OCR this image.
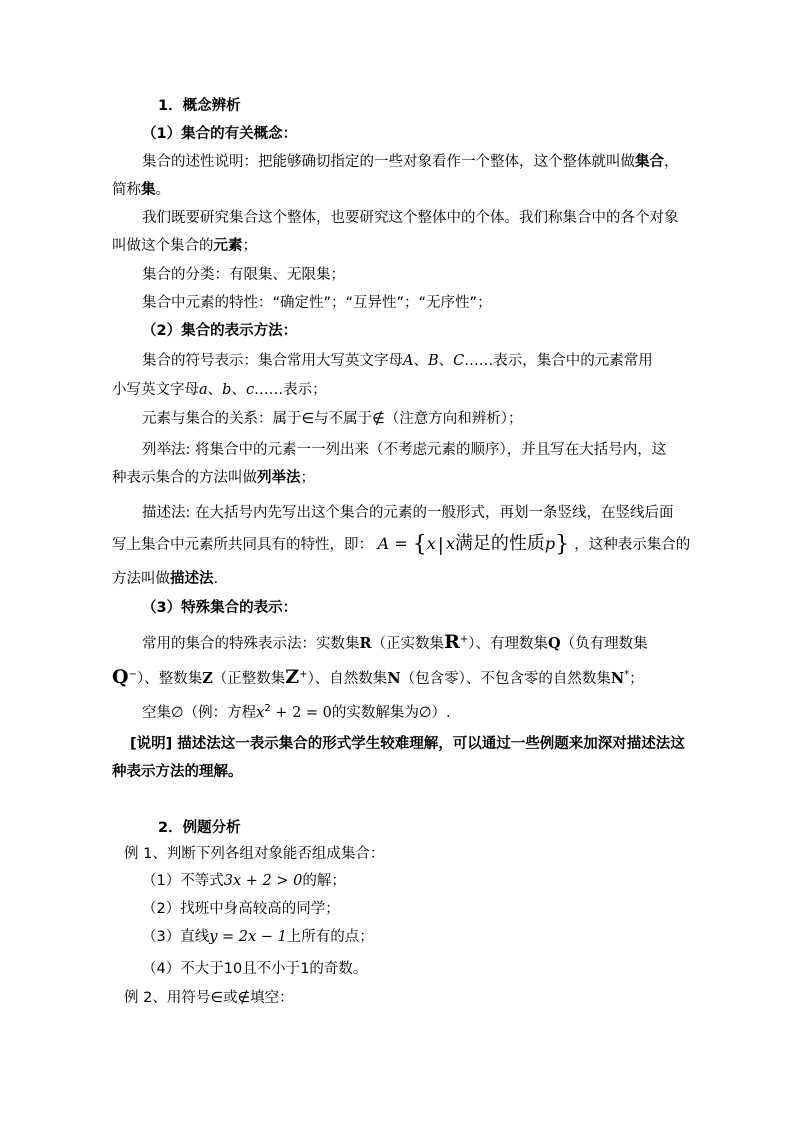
1．概念辨析
（1）集合的有关概念：
集合的述性说明：把能够确切指定的一些对象看作一个整体，这个整体就叫做集合，
简称集。
我们既要研究集合这个整体，也要研究这个整体中的个体。我们称集合中的各个对象
叫做这个集合的元素；
集合的分类：有限集、无限集；
集合中元素的特性：“确定性”；“互异性”；“无序性”；
（2）集合的表示方法：
集合的符号表示：集合常用大写英文字母A、B、C……表示，集合中的元素常用
小写英文字母a、b、c……表示；
元素与集合的关系：属于∈与不属于∉（注意方向和辨析）；
列举法: 将集合中的元素一一列出来（不考虑元素的顺序），并且写在大括号内，这
种表示集合的方法叫做列举法；
描述法: 在大括号内先写出这个集合的元素的一般形式，再划一条竖线，在竖线后面
写上集合中元素所共同具有的特性，即： A = {x | x满足的性质p} ，这种表示集合的
方法叫做描述法.
（3）特殊集合的表示：
常用的集合的特殊表示法：实数集R（正实数集R+）、有理数集Q（负有理数集
Q−）、整数集Z（正整数集Z+）、自然数集N（包含零）、不包含零的自然数集N*；
空集∅（例：方程$x^2 + 2 = 0$的实数解集为∅）.
[说明] 描述法这一表示集合的形式学生较难理解，可以通过一些例题来加深对描述法这
种表示方法的理解。
2．例题分析
例 1、判断下列各组对象能否组成集合：
（1）不等式3x + 2 > 0的解；
（2）找班中身高较高的同学；
（3）直线y = 2x − 1上所有的点；
（4）不大于10且不小于1的奇数。
例 2、用符号∈或∉填空：
